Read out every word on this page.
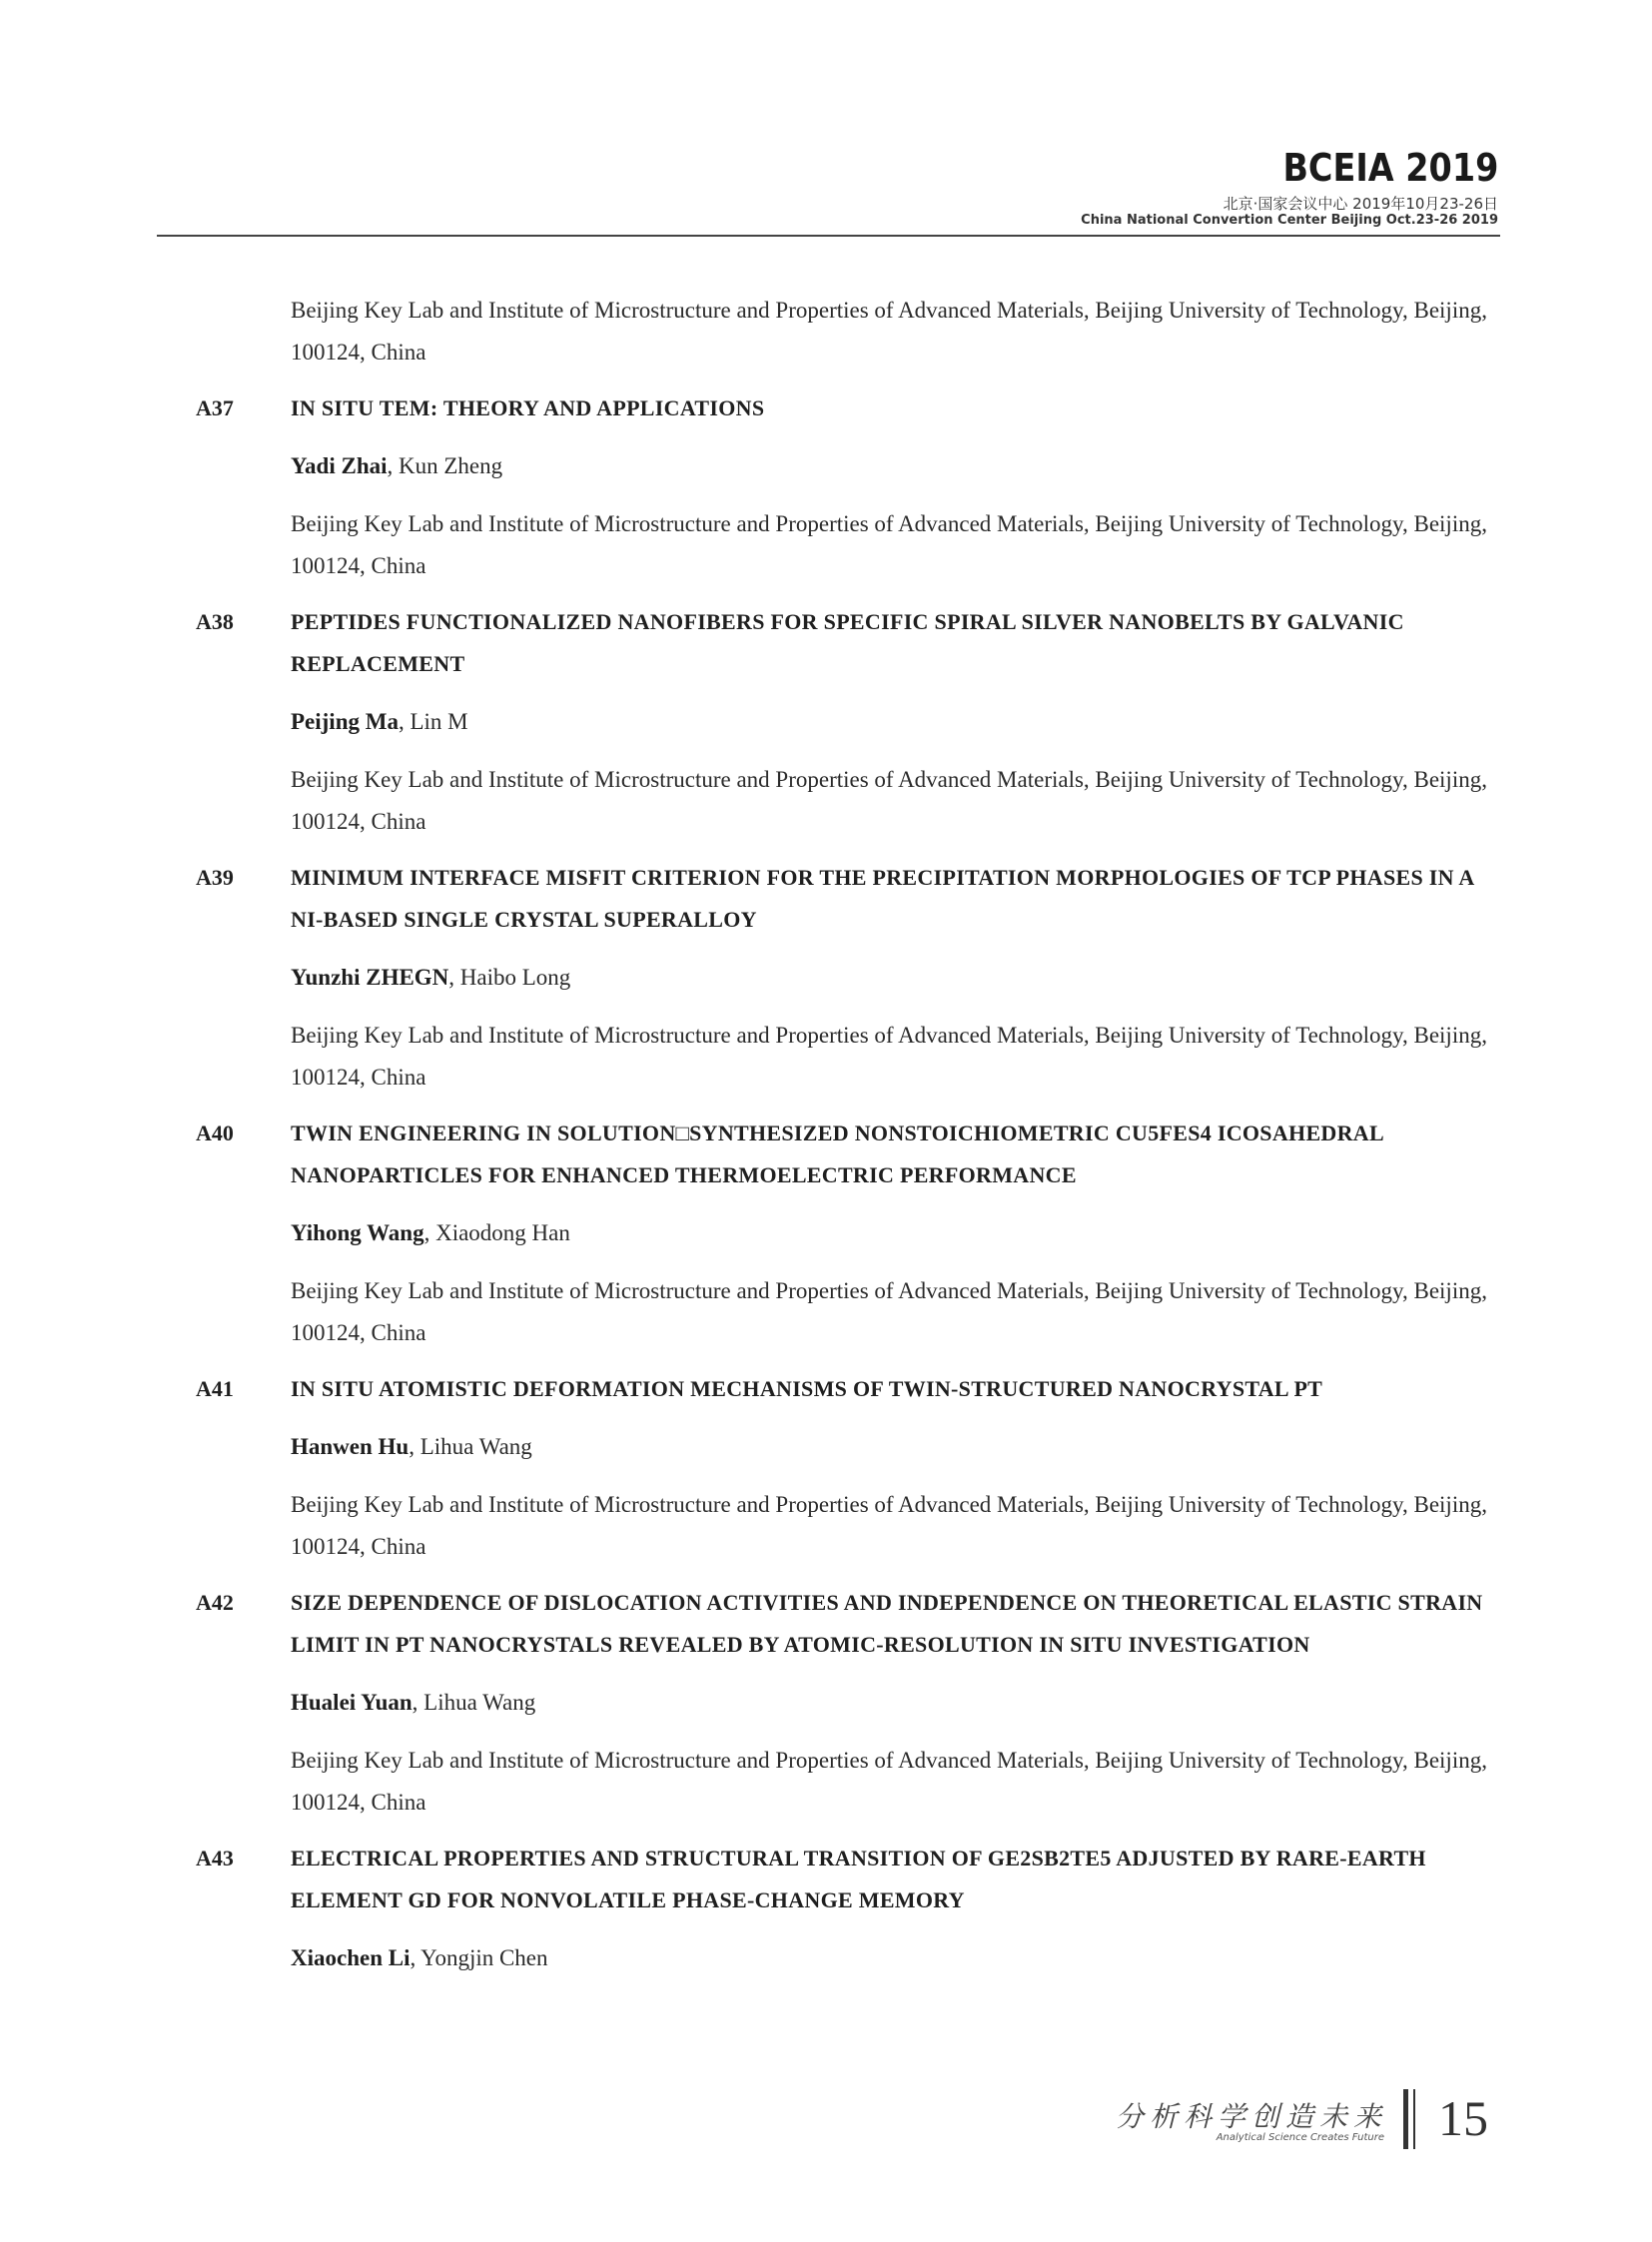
BCEIA 2019
北京·国家会议中心 2019年10月23-26日
China National Convertion Center Beijing Oct.23-26 2019
Beijing Key Lab and Institute of Microstructure and Properties of Advanced Materials, Beijing University of Technology, Beijing, 100124, China
A37	IN SITU TEM: THEORY AND APPLICATIONS
Yadi Zhai, Kun Zheng
Beijing Key Lab and Institute of Microstructure and Properties of Advanced Materials, Beijing University of Technology, Beijing, 100124, China
A38	PEPTIDES FUNCTIONALIZED NANOFIBERS FOR SPECIFIC SPIRAL SILVER NANOBELTS BY GALVANIC REPLACEMENT
Peijing Ma, Lin M
Beijing Key Lab and Institute of Microstructure and Properties of Advanced Materials, Beijing University of Technology, Beijing, 100124, China
A39	MINIMUM INTERFACE MISFIT CRITERION FOR THE PRECIPITATION MORPHOLOGIES OF TCP PHASES IN A NI-BASED SINGLE CRYSTAL SUPERALLOY
Yunzhi ZHEGN, Haibo Long
Beijing Key Lab and Institute of Microstructure and Properties of Advanced Materials, Beijing University of Technology, Beijing, 100124, China
A40	TWIN ENGINEERING IN SOLUTION□SYNTHESIZED NONSTOICHIOMETRIC CU5FES4 ICOSAHEDRAL NANOPARTICLES FOR ENHANCED THERMOELECTRIC PERFORMANCE
Yihong Wang, Xiaodong Han
Beijing Key Lab and Institute of Microstructure and Properties of Advanced Materials, Beijing University of Technology, Beijing, 100124, China
A41	IN SITU ATOMISTIC DEFORMATION MECHANISMS OF TWIN-STRUCTURED NANOCRYSTAL PT
Hanwen Hu, Lihua Wang
Beijing Key Lab and Institute of Microstructure and Properties of Advanced Materials, Beijing University of Technology, Beijing, 100124, China
A42	SIZE DEPENDENCE OF DISLOCATION ACTIVITIES AND INDEPENDENCE ON THEORETICAL ELASTIC STRAIN LIMIT IN PT NANOCRYSTALS REVEALED BY ATOMIC-RESOLUTION IN SITU INVESTIGATION
Hualei Yuan, Lihua Wang
Beijing Key Lab and Institute of Microstructure and Properties of Advanced Materials, Beijing University of Technology, Beijing, 100124, China
A43	ELECTRICAL PROPERTIES AND STRUCTURAL TRANSITION OF GE2SB2TE5 ADJUSTED BY RARE-EARTH ELEMENT GD FOR NONVOLATILE PHASE-CHANGE MEMORY
Xiaochen Li, Yongjin Chen
分析科学创造未来
Analytical Science Creates Future 15
